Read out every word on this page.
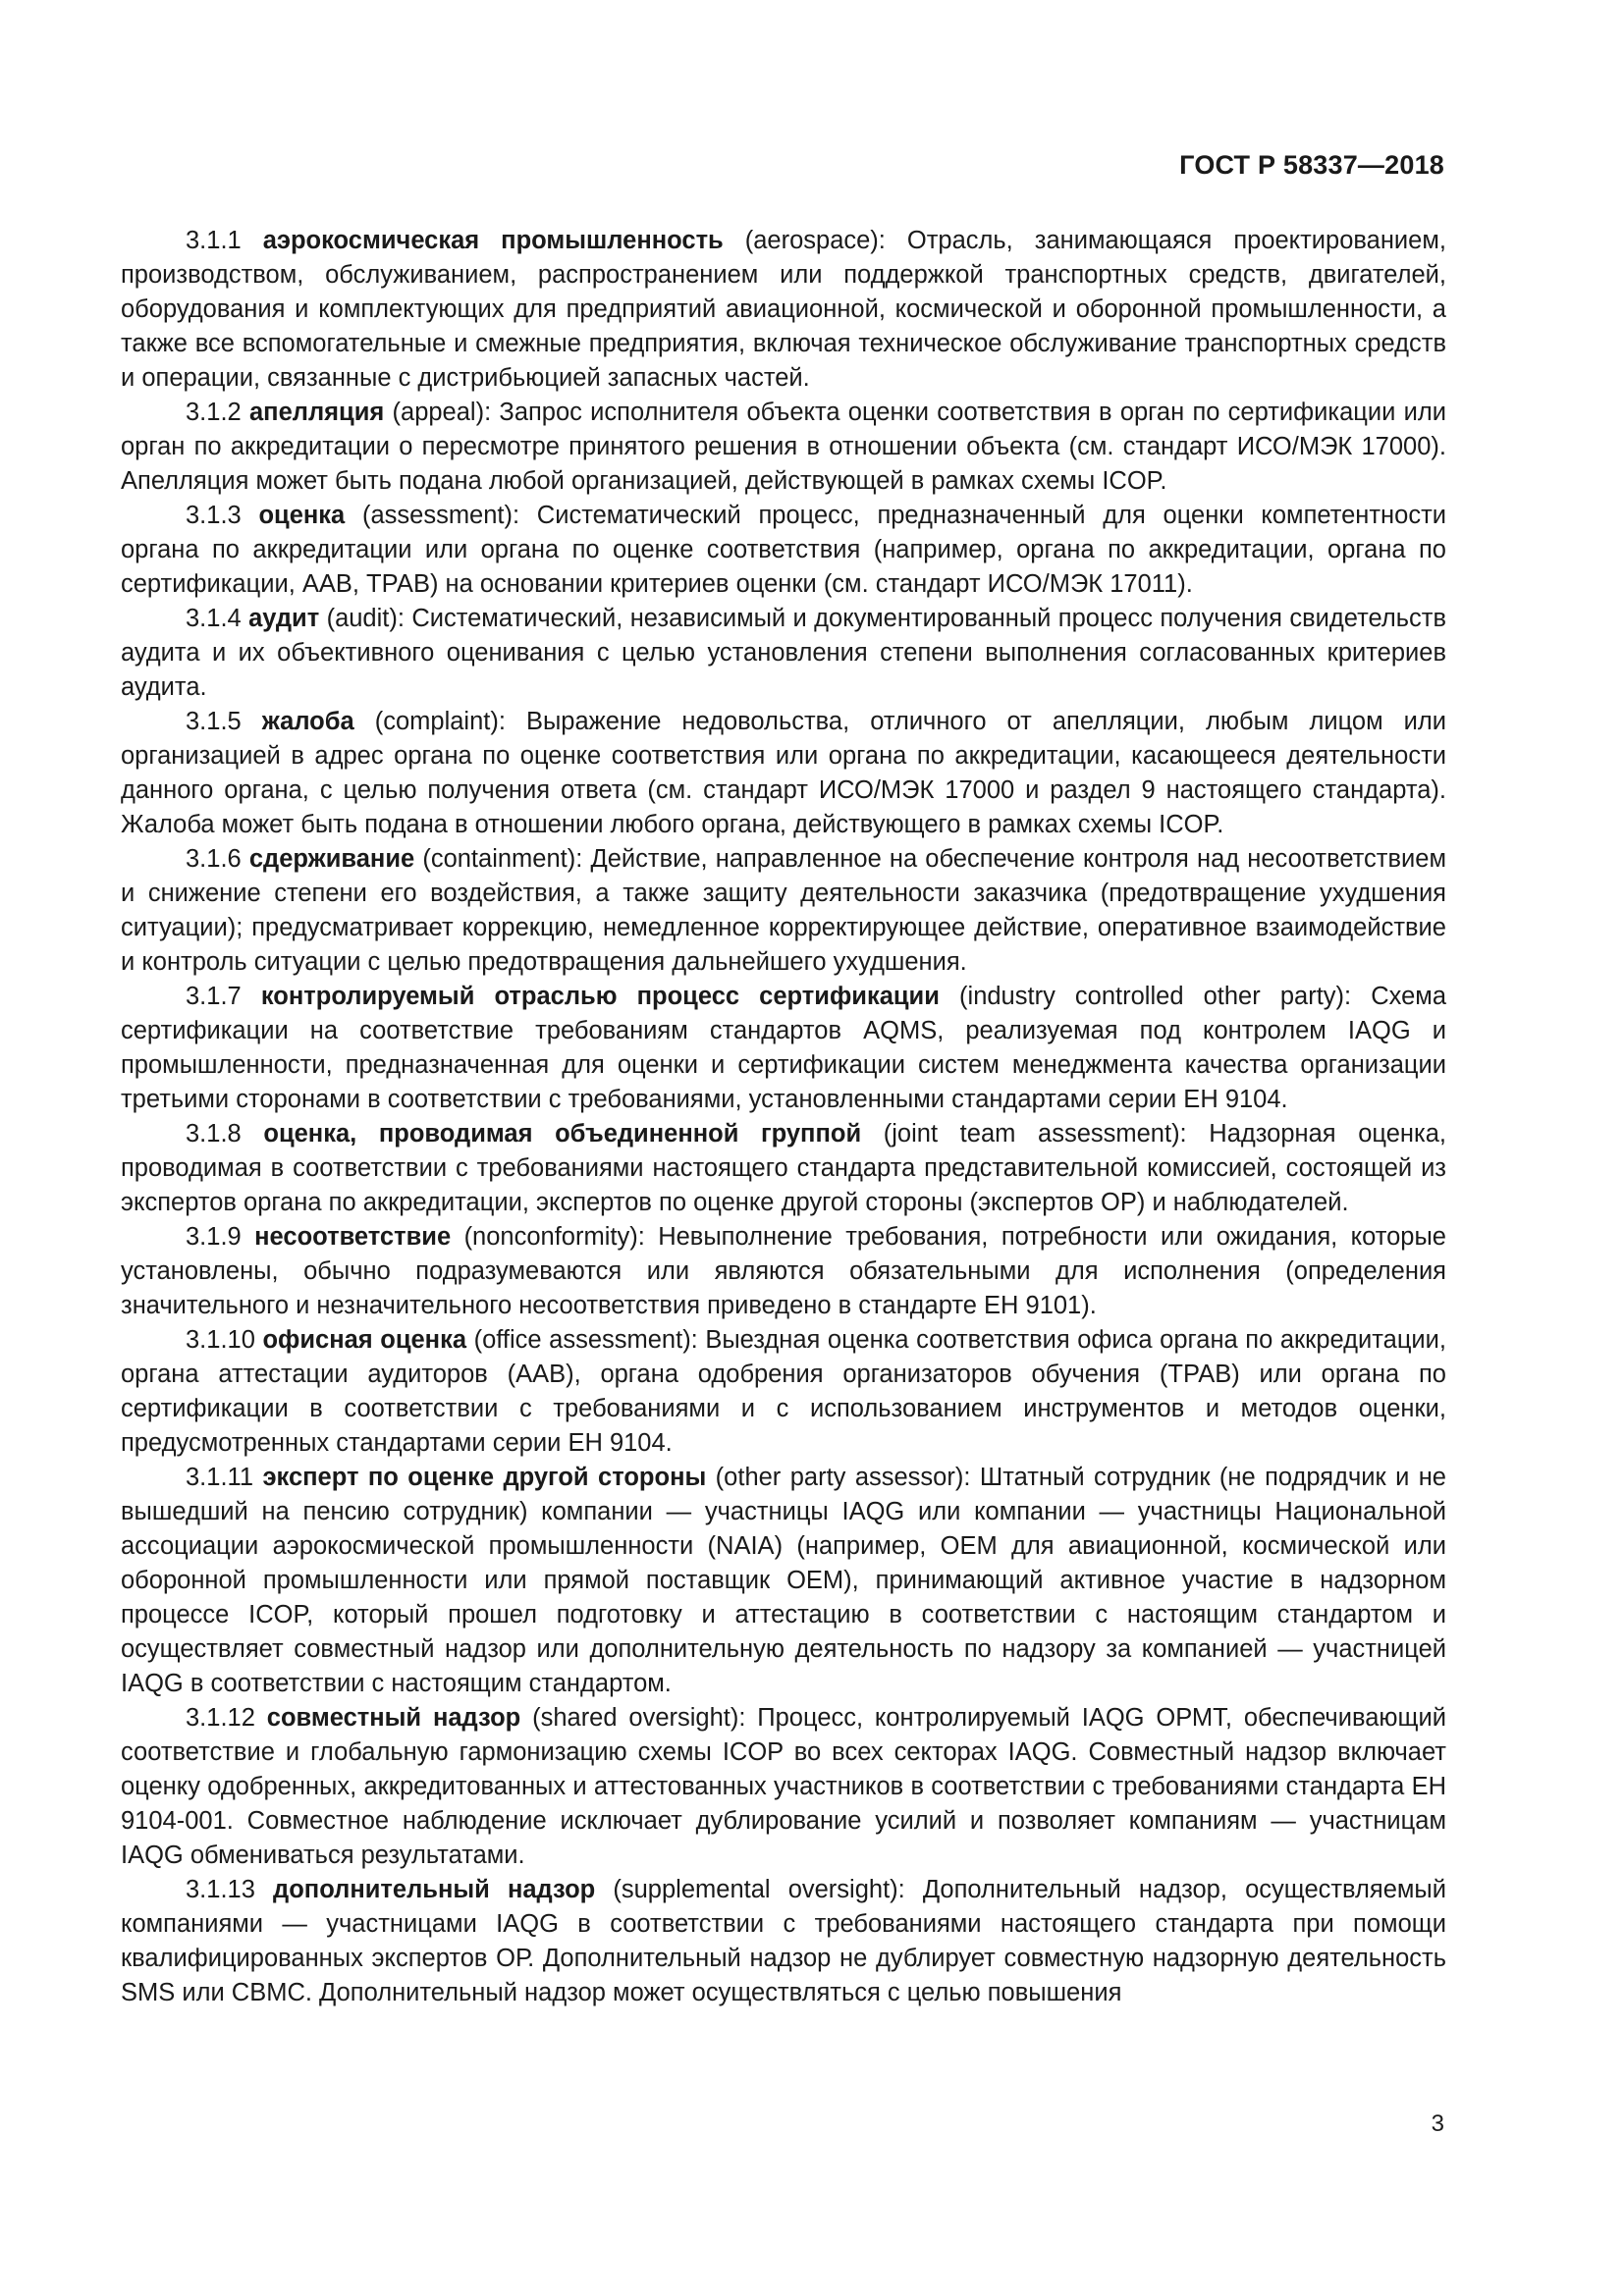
ГОСТ Р 58337—2018

3.1.1 аэрокосмическая промышленность (aerospace): Отрасль, занимающаяся проектированием, производством, обслуживанием, распространением или поддержкой транспортных средств, двигателей, оборудования и комплектующих для предприятий авиационной, космической и оборонной промышленности, а также все вспомогательные и смежные предприятия, включая техническое обслуживание транспортных средств и операции, связанные с дистрибьюцией запасных частей.

3.1.2 апелляция (appeal): Запрос исполнителя объекта оценки соответствия в орган по сертификации или орган по аккредитации о пересмотре принятого решения в отношении объекта (см. стандарт ИСО/МЭК 17000). Апелляция может быть подана любой организацией, действующей в рамках схемы ICOP.

3.1.3 оценка (assessment): Систематический процесс, предназначенный для оценки компетентности органа по аккредитации или органа по оценке соответствия (например, органа по аккредитации, органа по сертификации, ААВ, ТРАВ) на основании критериев оценки (см. стандарт ИСО/МЭК 17011).

3.1.4 аудит (audit): Систематический, независимый и документированный процесс получения свидетельств аудита и их объективного оценивания с целью установления степени выполнения согласованных критериев аудита.

3.1.5 жалоба (complaint): Выражение недовольства, отличного от апелляции, любым лицом или организацией в адрес органа по оценке соответствия или органа по аккредитации, касающееся деятельности данного органа, с целью получения ответа (см. стандарт ИСО/МЭК 17000 и раздел 9 настоящего стандарта). Жалоба может быть подана в отношении любого органа, действующего в рамках схемы ICOP.

3.1.6 сдерживание (containment): Действие, направленное на обеспечение контроля над несоответствием и снижение степени его воздействия, а также защиту деятельности заказчика (предотвращение ухудшения ситуации); предусматривает коррекцию, немедленное корректирующее действие, оперативное взаимодействие и контроль ситуации с целью предотвращения дальнейшего ухудшения.

3.1.7 контролируемый отраслью процесс сертификации (industry controlled other party): Схема сертификации на соответствие требованиям стандартов AQMS, реализуемая под контролем IAQG и промышленности, предназначенная для оценки и сертификации систем менеджмента качества организации третьими сторонами в соответствии с требованиями, установленными стандартами серии ЕН 9104.

3.1.8 оценка, проводимая объединенной группой (joint team assessment): Надзорная оценка, проводимая в соответствии с требованиями настоящего стандарта представительной комиссией, состоящей из экспертов органа по аккредитации, экспертов по оценке другой стороны (экспертов ОР) и наблюдателей.

3.1.9 несоответствие (nonconformity): Невыполнение требования, потребности или ожидания, которые установлены, обычно подразумеваются или являются обязательными для исполнения (определения значительного и незначительного несоответствия приведено в стандарте ЕН 9101).

3.1.10 офисная оценка (office assessment): Выездная оценка соответствия офиса органа по аккредитации, органа аттестации аудиторов (ААВ), органа одобрения организаторов обучения (ТРАВ) или органа по сертификации в соответствии с требованиями и с использованием инструментов и методов оценки, предусмотренных стандартами серии ЕН 9104.

3.1.11 эксперт по оценке другой стороны (other party assessor): Штатный сотрудник (не подрядчик и не вышедший на пенсию сотрудник) компании — участницы IAQG или компании — участницы Национальной ассоциации аэрокосмической промышленности (NAIA) (например, OEM для авиационной, космической или оборонной промышленности или прямой поставщик OEM), принимающий активное участие в надзорном процессе ICOP, который прошел подготовку и аттестацию в соответствии с настоящим стандартом и осуществляет совместный надзор или дополнительную деятельность по надзору за компанией — участницей IAQG в соответствии с настоящим стандартом.

3.1.12 совместный надзор (shared oversight): Процесс, контролируемый IAQG ОРМТ, обеспечивающий соответствие и глобальную гармонизацию схемы ICOP во всех секторах IAQG. Совместный надзор включает оценку одобренных, аккредитованных и аттестованных участников в соответствии с требованиями стандарта ЕН 9104-001. Совместное наблюдение исключает дублирование усилий и позволяет компаниям — участницам IAQG обмениваться результатами.

3.1.13 дополнительный надзор (supplemental oversight): Дополнительный надзор, осуществляемый компаниями — участницами IAQG в соответствии с требованиями настоящего стандарта при помощи квалифицированных экспертов ОР. Дополнительный надзор не дублирует совместную надзорную деятельность SMS или СВМС. Дополнительный надзор может осуществляться с целью повышения

3
